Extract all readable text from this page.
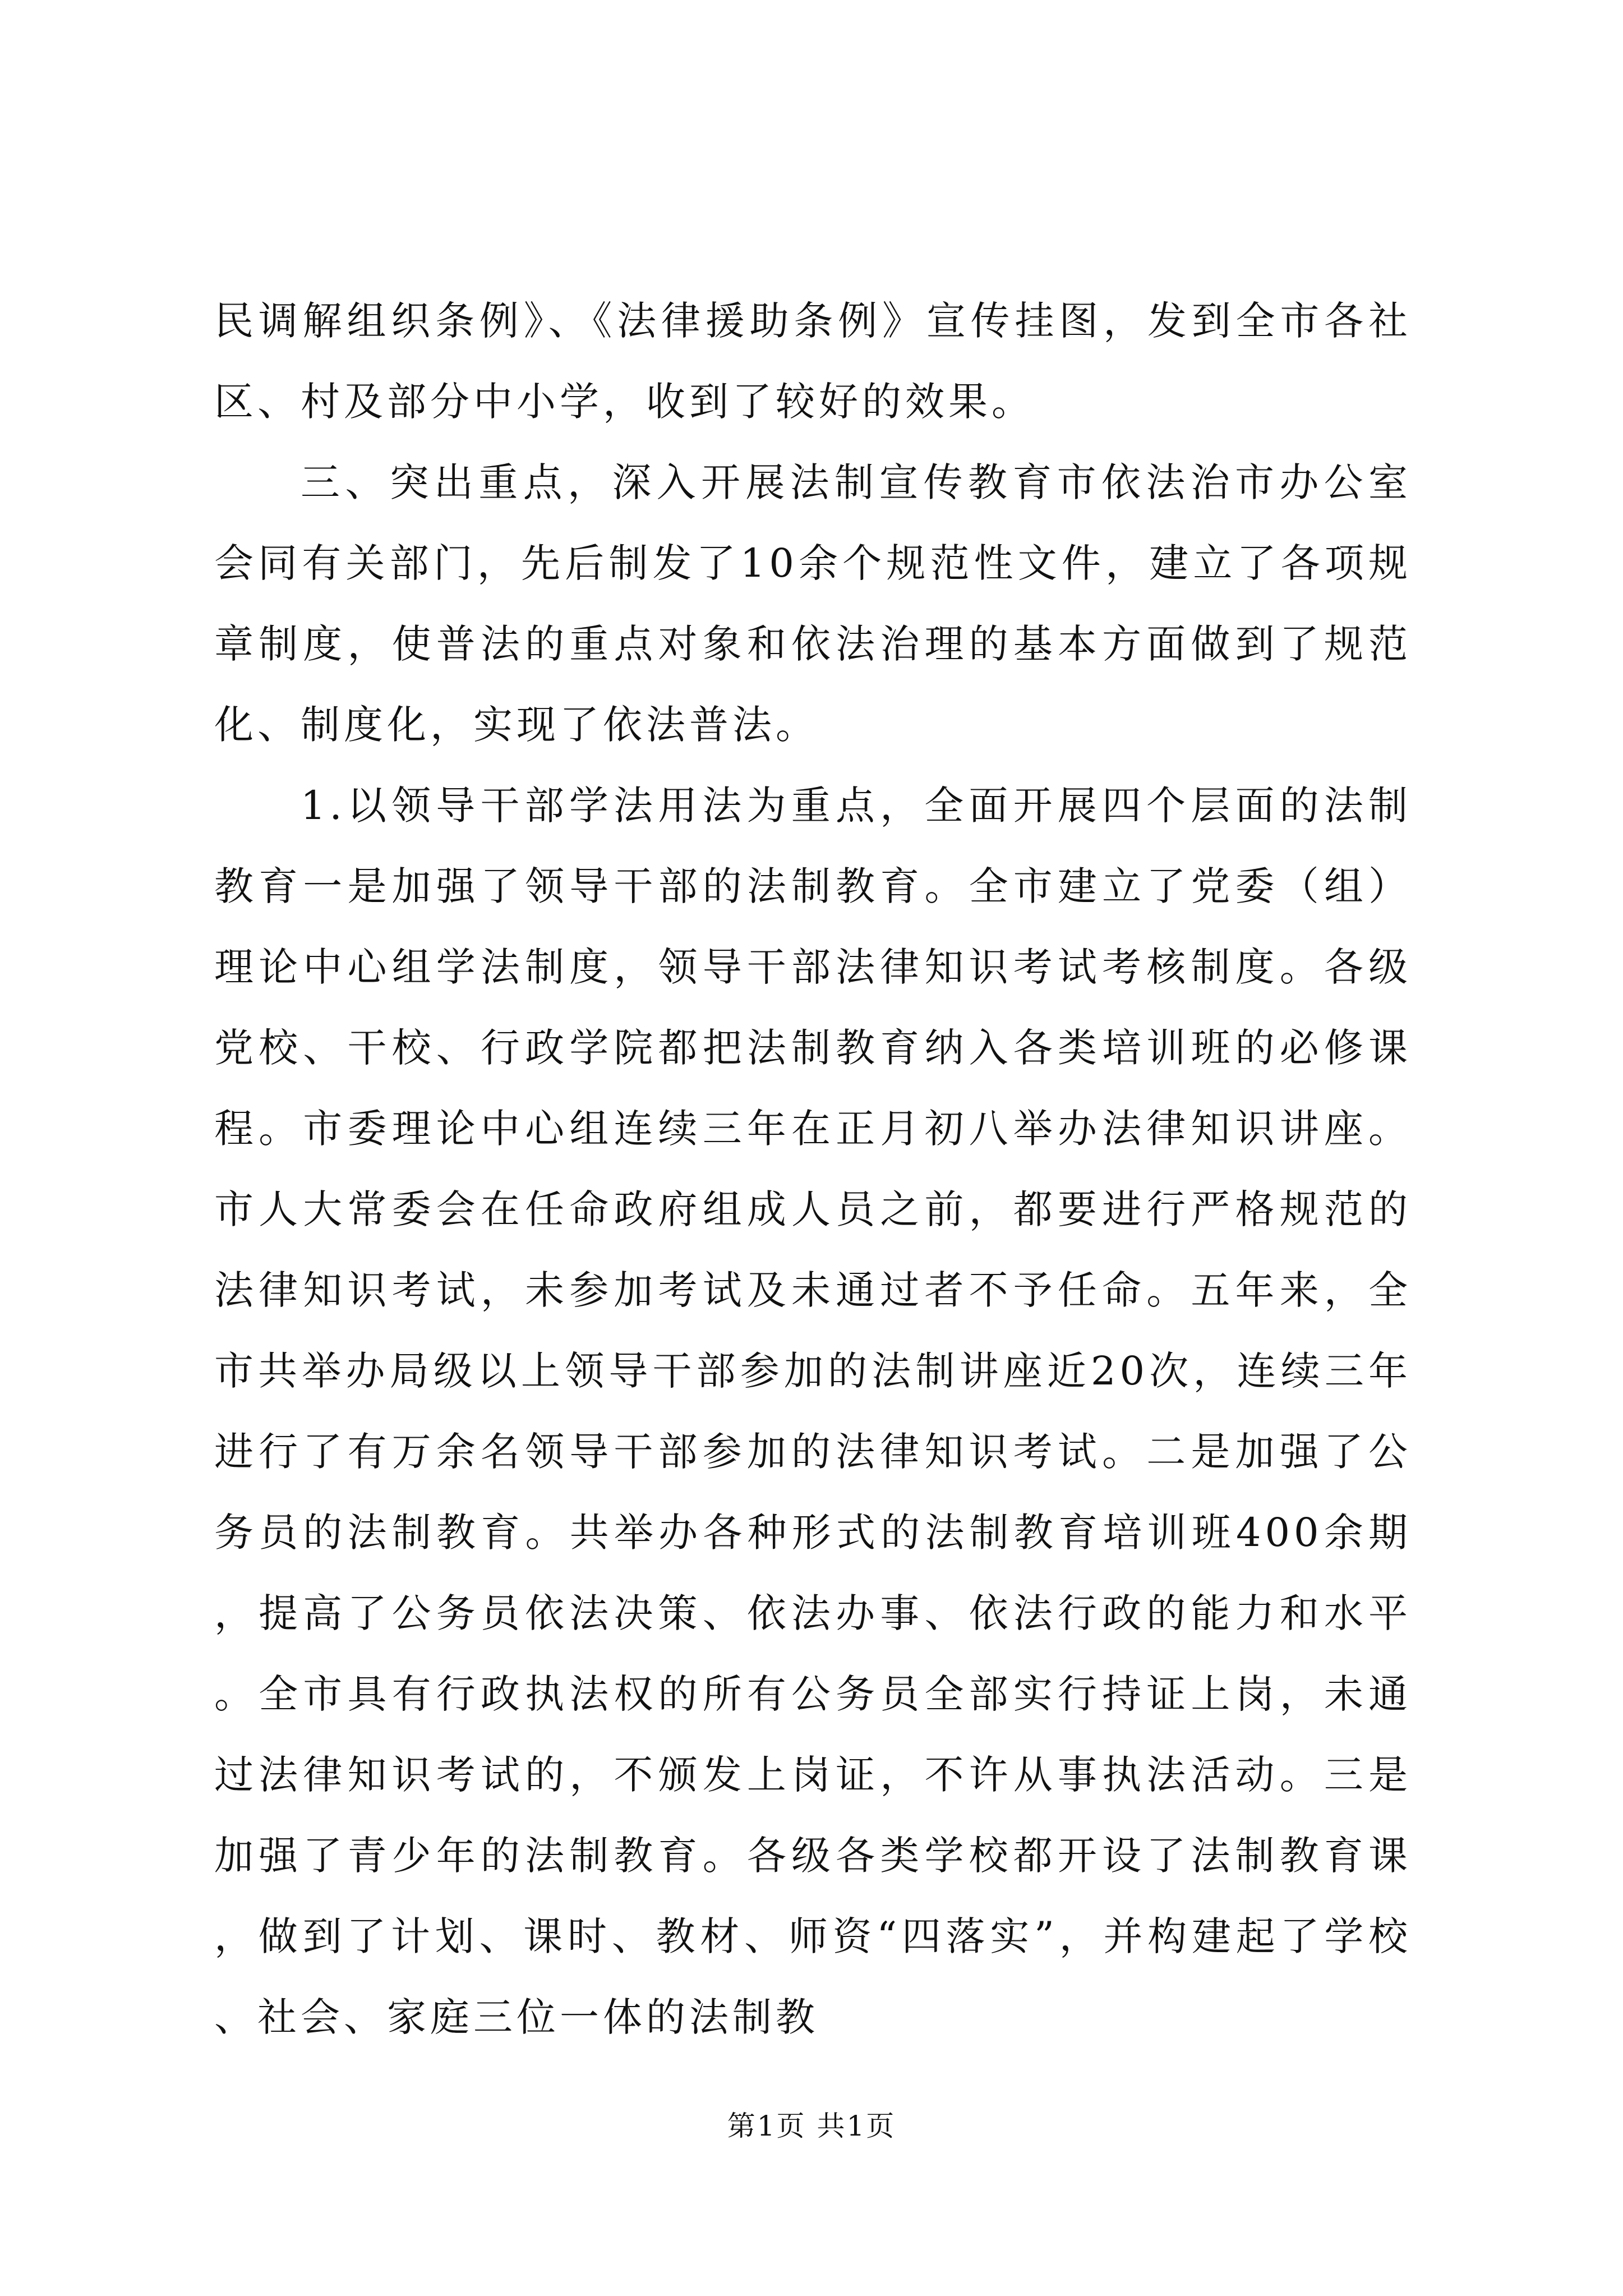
民调解组织条例》、《法律援助条例》宣传挂图，发到全市各社区、村及部分中小学，收到了较好的效果。

三、突出重点，深入开展法制宣传教育市依法治市办公室会同有关部门，先后制发了10余个规范性文件，建立了各项规章制度，使普法的重点对象和依法治理的基本方面做到了规范化、制度化，实现了依法普法。

1.以领导干部学法用法为重点，全面开展四个层面的法制教育一是加强了领导干部的法制教育。全市建立了党委（组）理论中心组学法制度，领导干部法律知识考试考核制度。各级党校、干校、行政学院都把法制教育纳入各类培训班的必修课程。市委理论中心组连续三年在正月初八举办法律知识讲座。市人大常委会在任命政府组成人员之前，都要进行严格规范的法律知识考试，未参加考试及未通过者不予任命。五年来，全市共举办局级以上领导干部参加的法制讲座近20次，连续三年进行了有万余名领导干部参加的法律知识考试。二是加强了公务员的法制教育。共举办各种形式的法制教育培训班400余期，提高了公务员依法决策、依法办事、依法行政的能力和水平。全市具有行政执法权的所有公务员全部实行持证上岗，未通过法律知识考试的，不颁发上岗证，不许从事执法活动。三是加强了青少年的法制教育。各级各类学校都开设了法制教育课，做到了计划、课时、教材、师资“四落实”，并构建起了学校、社会、家庭三位一体的法制教

第1页 共1页
